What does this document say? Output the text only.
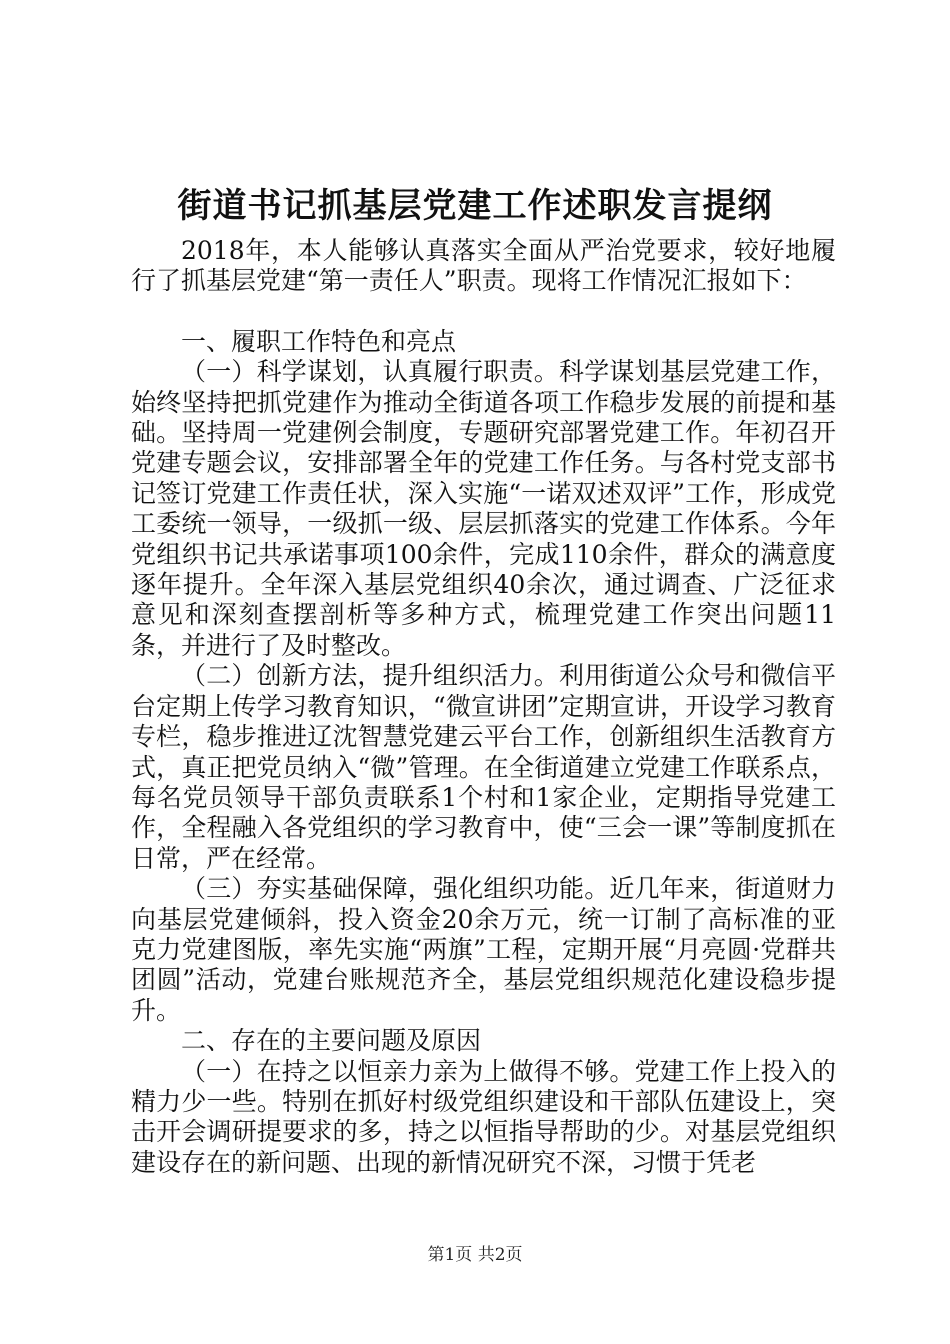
街道书记抓基层党建工作述职发言提纲

2018年，本人能够认真落实全面从严治党要求，较好地履行了抓基层党建“第一责任人”职责。现将工作情况汇报如下：

一、履职工作特色和亮点

（一）科学谋划，认真履行职责。科学谋划基层党建工作，始终坚持把抓党建作为推动全街道各项工作稳步发展的前提和基础。坚持周一党建例会制度，专题研究部署党建工作。年初召开党建专题会议，安排部署全年的党建工作任务。与各村党支部书记签订党建工作责任状，深入实施“一诺双述双评”工作，形成党工委统一领导，一级抓一级、层层抓落实的党建工作体系。今年党组织书记共承诺事项100余件，完成110余件，群众的满意度逐年提升。全年深入基层党组织40余次，通过调查、广泛征求意见和深刻查摆剖析等多种方式，梳理党建工作突出问题11条，并进行了及时整改。

（二）创新方法，提升组织活力。利用街道公众号和微信平台定期上传学习教育知识，“微宣讲团”定期宣讲，开设学习教育专栏，稳步推进辽沈智慧党建云平台工作，创新组织生活教育方式，真正把党员纳入“微”管理。在全街道建立党建工作联系点，每名党员领导干部负责联系1个村和1家企业，定期指导党建工作，全程融入各党组织的学习教育中，使“三会一课”等制度抓在日常，严在经常。

（三）夯实基础保障，强化组织功能。近几年来，街道财力向基层党建倾斜，投入资金20余万元，统一订制了高标准的亚克力党建图版，率先实施“两旗”工程，定期开展“月亮圆·党群共团圆”活动，党建台账规范齐全，基层党组织规范化建设稳步提升。

二、存在的主要问题及原因

（一）在持之以恒亲力亲为上做得不够。党建工作上投入的精力少一些。特别在抓好村级党组织建设和干部队伍建设上，突击开会调研提要求的多，持之以恒指导帮助的少。对基层党组织建设存在的新问题、出现的新情况研究不深，习惯于凭老

第1页 共2页
